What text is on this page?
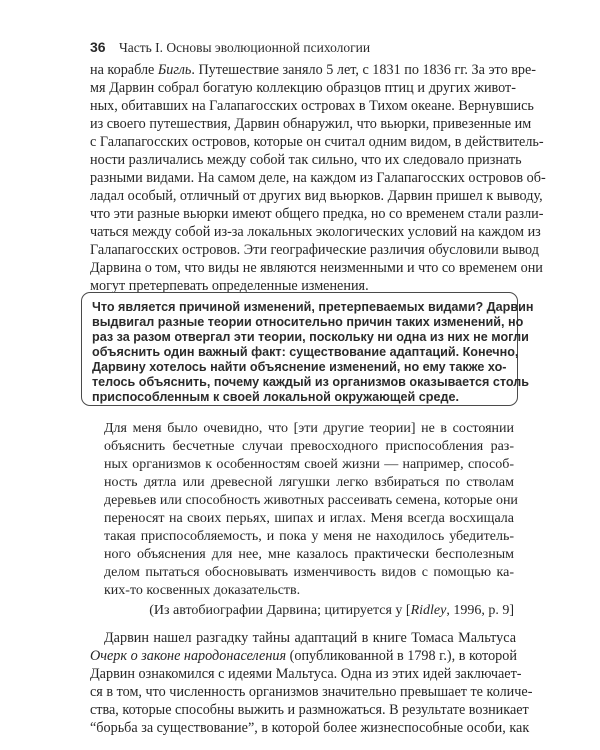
36 Часть I. Основы эволюционной психологии
на корабле Бигль. Путешествие заняло 5 лет, с 1831 по 1836 гг. За это вре-
мя Дарвин собрал богатую коллекцию образцов птиц и других живот-
ных, обитавших на Галапагосских островах в Тихом океане. Вернувшись
из своего путешествия, Дарвин обнаружил, что вьюрки, привезенные им
с Галапагосских островов, которые он считал одним видом, в действитель-
ности различались между собой так сильно, что их следовало признать
разными видами. На самом деле, на каждом из Галапагосских островов об-
ладал особый, отличный от других вид вьюрков. Дарвин пришел к выводу,
что эти разные вьюрки имеют общего предка, но со временем стали разли-
чаться между собой из-за локальных экологических условий на каждом из
Галапагосских островов. Эти географические различия обусловили вывод
Дарвина о том, что виды не являются неизменными и что со временем они
могут претерпевать определенные изменения.
Что является причиной изменений, претерпеваемых видами? Дарвин
выдвигал разные теории относительно причин таких изменений, но
раз за разом отвергал эти теории, поскольку ни одна из них не могли
объяснить один важный факт: существование адаптаций. Конечно,
Дарвину хотелось найти объяснение изменений, но ему также хо-
телось объяснить, почему каждый из организмов оказывается столь
приспособленным к своей локальной окружающей среде.
Для меня было очевидно, что [эти другие теории] не в состоянии
объяснить бесчетные случаи превосходного приспособления раз-
ных организмов к особенностям своей жизни — например, способ-
ность дятла или древесной лягушки легко взбираться по стволам
деревьев или способность животных рассеивать семена, которые они
переносят на своих перьях, шипах и иглах. Меня всегда восхищала
такая приспособляемость, и пока у меня не находилось убедитель-
ного объяснения для нее, мне казалось практически бесполезным
делом пытаться обосновывать изменчивость видов с помощью ка-
ких-то косвенных доказательств.
(Из автобиографии Дарвина; цитируется у [Ridley, 1996, p. 9]
Дарвин нашел разгадку тайны адаптаций в книге Томаса Мальтуса
Очерк о законе народонаселения (опубликованной в 1798 г.), в которой
Дарвин ознакомился с идеями Мальтуса. Одна из этих идей заключает-
ся в том, что численность организмов значительно превышает те количе-
ства, которые способны выжить и размножаться. В результате возникает
“борьба за существование”, в которой более жизнеспособные особи, как
